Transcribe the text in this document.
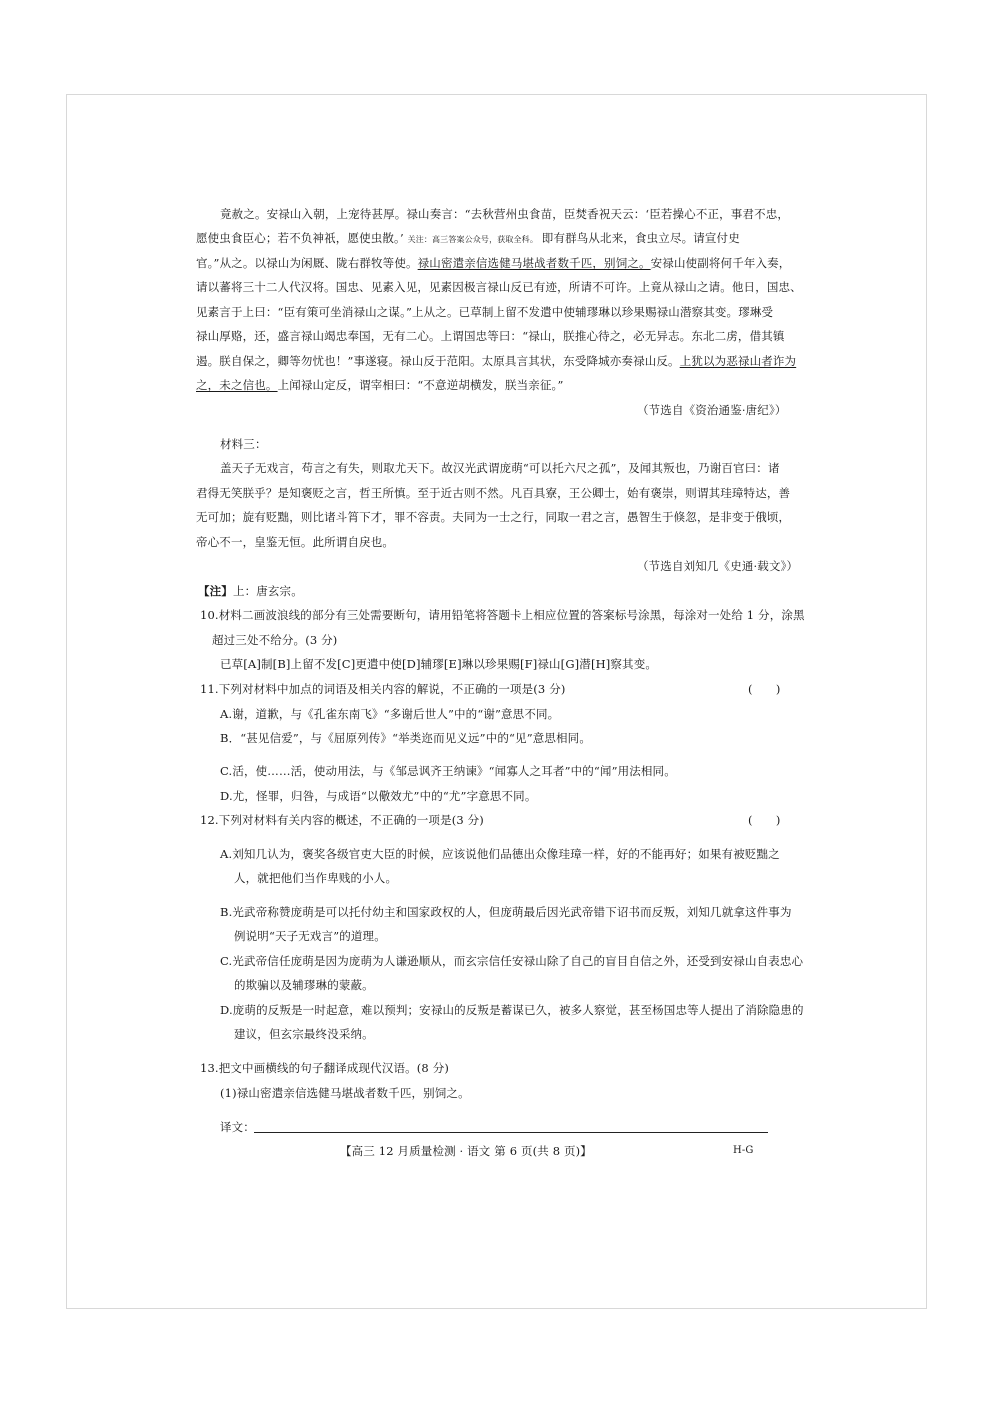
竟赦之。安禄山入朝，上宠待甚厚。禄山奏言：“去秋营州虫食苗，臣焚香祝天云：‘臣若操心不正，事君不忠，
愿使虫食臣心；若不负神祇，愿使虫散。’ 关注：高三答案公众号，获取全科。 即有群鸟从北来，食虫立尽。请宣付史
官。”从之。以禄山为闲厩、陇右群牧等使。禄山密遣亲信选健马堪战者数千匹，别饲之。安禄山使副将何千年入奏，
请以蕃将三十二人代汉将。国忠、见素入见，见素因极言禄山反已有迹，所请不可许。上竟从禄山之请。他日，国忠、
见素言于上曰：“臣有策可坐消禄山之谋。”上从之。已草制上留不发遣中使辅璆琳以珍果赐禄山潜察其变。璆琳受
禄山厚赂，还，盛言禄山竭忠奉国，无有二心。上谓国忠等曰：“禄山，朕推心待之，必无异志。东北二虏，借其镇
遏。朕自保之，卿等勿忧也！”事遂寝。禄山反于范阳。太原具言其状，东受降城亦奏禄山反。上犹以为恶禄山者诈为
之，未之信也。上闻禄山定反，谓宰相曰：“不意逆胡横发，朕当亲征。”
（节选自《资治通鉴·唐纪》）
材料三：
盖天子无戏言，苟言之有失，则取尤天下。故汉光武谓庞萌“可以托六尺之孤”，及闻其叛也，乃谢百官曰：诸
君得无笑朕乎？是知褒贬之言，哲王所慎。至于近古则不然。凡百具寮，王公卿士，始有褒崇，则谓其珪璋特达，善
无可加；旋有贬黜，则比诸斗筲下才，罪不容责。夫同为一士之行，同取一君之言，愚智生于倏忽，是非变于俄顷，
帝心不一，皇鉴无恒。此所谓自戾也。
（节选自刘知几《史通·载文》）
【注】上：唐玄宗。
10.材料二画波浪线的部分有三处需要断句，请用铅笔将答题卡上相应位置的答案标号涂黑，每涂对一处给 1 分，涂黑
超过三处不给分。(3 分)
已草[A]制[B]上留不发[C]更遣中使[D]辅璆[E]琳以珍果赐[F]禄山[G]潜[H]察其变。
11.下列对材料中加点的词语及相关内容的解说，不正确的一项是(3 分)	(　　)
A.谢，道歉，与《孔雀东南飞》“多谢后世人”中的“谢”意思不同。
B．“甚见信爱”，与《屈原列传》“举类迩而见义远”中的“见”意思相同。
C.活，使……活，使动用法，与《邹忌讽齐王纳谏》“闻寡人之耳者”中的“闻”用法相同。
D.尤，怪罪，归咎，与成语“以儆效尤”中的“尤”字意思不同。
12.下列对材料有关内容的概述，不正确的一项是(3 分)	(　　)
A.刘知几认为，褒奖各级官吏大臣的时候，应该说他们品德出众像珪璋一样，好的不能再好；如果有被贬黜之
人，就把他们当作卑贱的小人。
B.光武帝称赞庞萌是可以托付幼主和国家政权的人，但庞萌最后因光武帝错下诏书而反叛，刘知几就拿这件事为
例说明“天子无戏言”的道理。
C.光武帝信任庞萌是因为庞萌为人谦逊顺从，而玄宗信任安禄山除了自己的盲目自信之外，还受到安禄山自表忠心
的欺骗以及辅璆琳的蒙蔽。
D.庞萌的反叛是一时起意，难以预判；安禄山的反叛是蓄谋已久，被多人察觉，甚至杨国忠等人提出了消除隐患的
建议，但玄宗最终没采纳。
13.把文中画横线的句子翻译成现代汉语。(8 分)
(1)禄山密遣亲信选健马堪战者数千匹，别饲之。
译文：
【高三 12 月质量检测 · 语文 第 6 页(共 8 页)】	H-G
